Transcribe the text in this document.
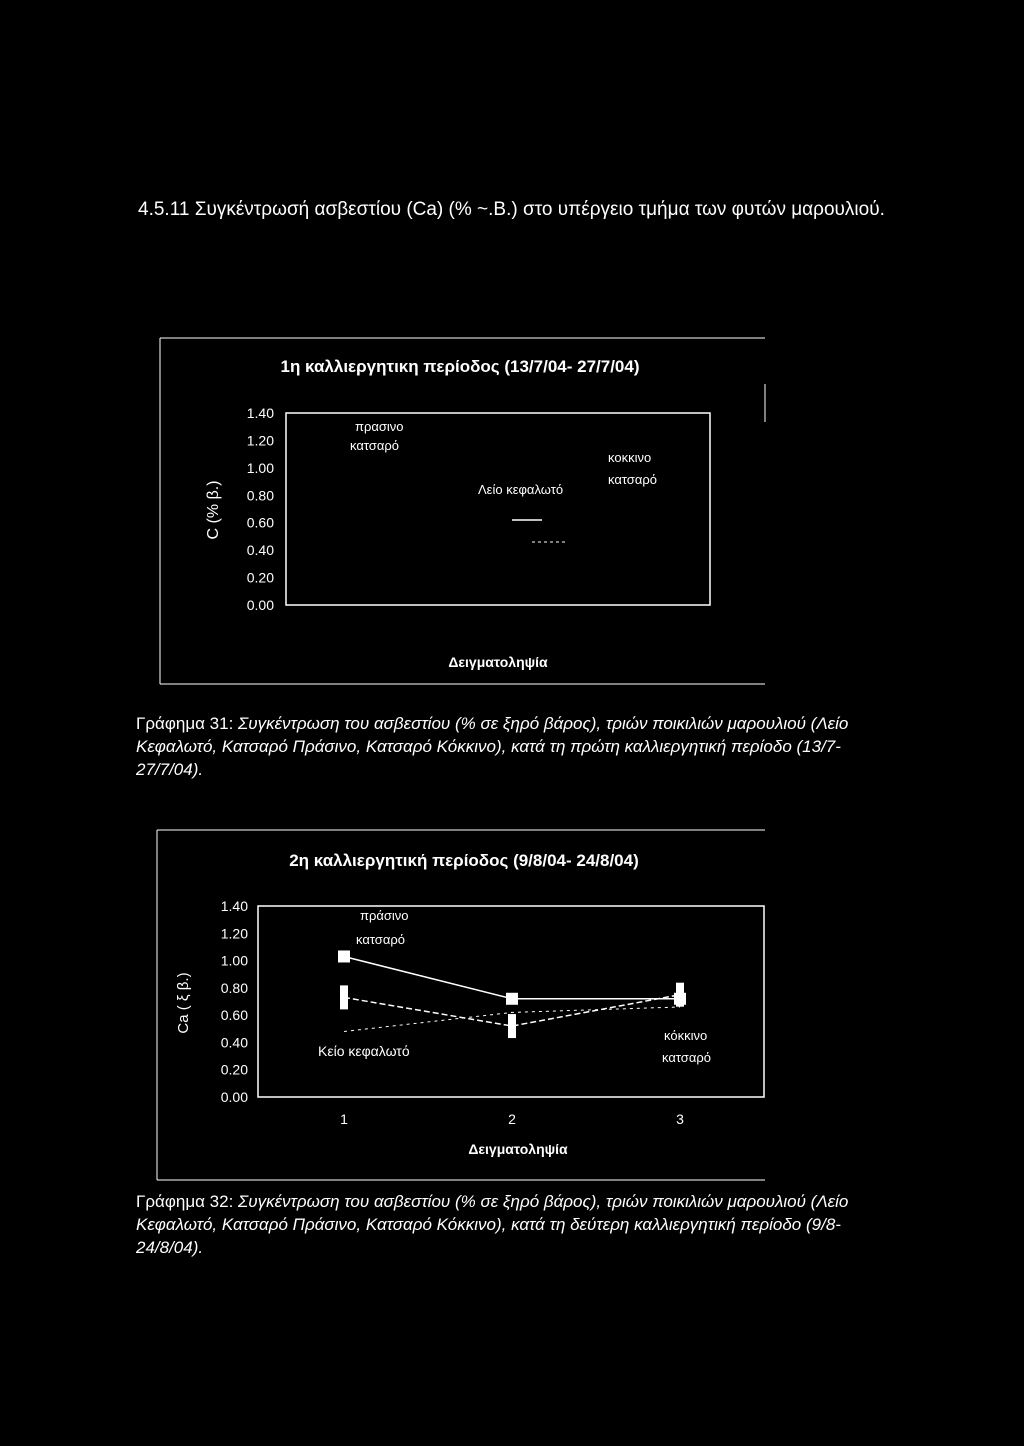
4.5.11 Συγκέντρωσή ασβεστίου (Ca) (% ~.Β.) στο υπέργειο τμήμα των φυτών μαρουλιού.
1η καλλιεργητικη περίοδος (13/7/04- 27/7/04)
1.40
1.20
1.00
0.80
0.60
0.40
0.20
0.00
C (% β.)
Δειγματοληψία
πρασινο
κατσαρό
Λείο κεφαλωτό
κοκκινο
κατσαρό
2η καλλιεργητική περίοδος (9/8/04- 24/8/04)
1.40
1.20
1.00
0.80
0.60
0.40
0.20
0.00
1	2	3
Ca ( ξ β.)
Δειγματοληψία
πράσινο
κατσαρό
Κείο κεφαλωτό
κόκκινο
κατσαρό
Γράφημα 31: Συγκέντρωση του ασβεστίου (% σε ξηρό βάρος), τριών ποικιλιών μαρουλιού (Λείο Κεφαλωτό, Κατσαρό Πράσινο, Κατσαρό Κόκκινο), κατά τη πρώτη καλλιεργητική περίοδο (13/7- 27/7/04).
Γράφημα 32: Συγκέντρωση του ασβεστίου (% σε ξηρό βάρος), τριών ποικιλιών μαρουλιού (Λείο Κεφαλωτό, Κατσαρό Πράσινο, Κατσαρό Κόκκινο), κατά τη δεύτερη καλλιεργητική περίοδο (9/8- 24/8/04).
